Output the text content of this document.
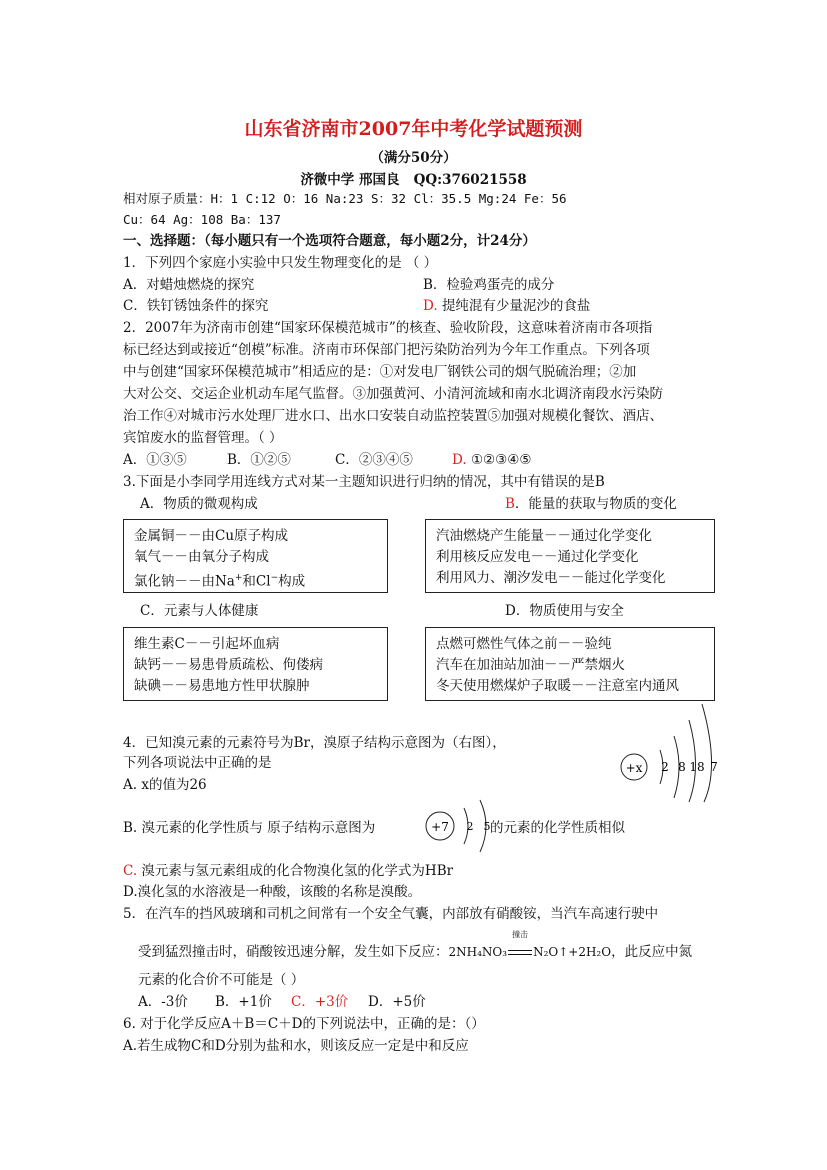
山东省济南市2007年中考化学试题预测
（满分50分）
济微中学 邢国良 QQ:376021558
相对原子质量：H：1 C:12 O：16 Na:23 S：32 Cl：35.5 Mg:24 Fe：56
Cu：64 Ag：108 Ba：137
一、选择题：（每小题只有一个选项符合题意，每小题2分，计24分）
1．下列四个家庭小实验中只发生物理变化的是 （ ）
A．对蜡烛燃烧的探究	B．检验鸡蛋壳的成分
C．铁钉锈蚀条件的探究	D. 提纯混有少量泥沙的食盐
2．2007年为济南市创建“国家环保模范城市”的核查、验收阶段，这意味着济南市各项指
标已经达到或接近“创模”标准。济南市环保部门把污染防治列为今年工作重点。下列各项
中与创建“国家环保模范城市”相适应的是：①对发电厂钢铁公司的烟气脱硫治理；②加
大对公交、交运企业机动车尾气监督。③加强黄河、小清河流域和南水北调济南段水污染防
治工作④对城市污水处理厂进水口、出水口安装自动监控装置⑤加强对规模化餐饮、酒店、
宾馆废水的监督管理。（ ）
A．①③⑤	B．①②⑤	C．②③④⑤	D. ①②③④⑤
3.下面是小李同学用连线方式对某一主题知识进行归纳的情况，其中有错误的是B
A．物质的微观构成	B．能量的获取与物质的变化
金属铜－－由Cu原子构成
氧气－－由氧分子构成
氯化钠－－由Na+和Cl−构成
汽油燃烧产生能量－－通过化学变化
利用核反应发电－－通过化学变化
利用风力、潮汐发电－－能过化学变化
C．元素与人体健康	D．物质使用与安全
维生素C－－引起坏血病
缺钙－－易患骨质疏松、佝偻病
缺碘－－易患地方性甲状腺肿
点燃可燃性气体之前－－验纯
汽车在加油站加油－－严禁烟火
冬天使用燃煤炉子取暖－－注意室内通风
+x 2 8 18 7
4．已知溴元素的元素符号为Br，溴原子结构示意图为（右图），
下列各项说法中正确的是
A. x的值为26
B. 溴元素的化学性质与 原子结构示意图为	+7 2 5 的元素的化学性质相似
C. 溴元素与氢元素组成的化合物溴化氢的化学式为HBr
D.溴化氢的水溶液是一种酸，该酸的名称是溴酸。
5．在汽车的挡风玻璃和司机之间常有一个安全气囊，内部放有硝酸铵，当汽车高速行驶中
受到猛烈撞击时，硝酸铵迅速分解，发生如下反应：2NH₄NO₃
撞击
N₂O↑+2H₂O，此反应中氮
元素的化合价不可能是（ ）
A．-3价 B．+1价 C．+3价 D．+5价
6. 对于化学反应A＋B＝C＋D的下列说法中，正确的是：（）
A.若生成物C和D分别为盐和水，则该反应一定是中和反应
